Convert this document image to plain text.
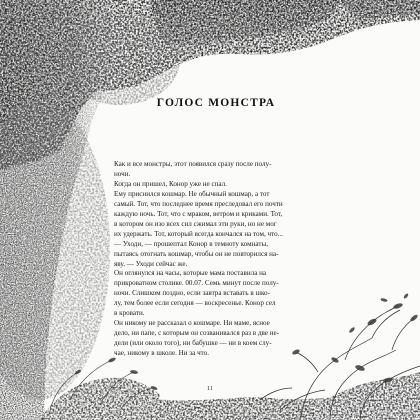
ГОЛОС МОНСТРА

Как и все монстры, этот появился сразу после полу-

ночи.

Когда он пришел, Конор уже не спал.

Ему приснился кошмар. Не обычный кошмар, а тот

самый. Тот, что последнее время преследовал его почти

каждую ночь. Тот, что с мраком, ветром и криками. Тот,

в котором он изо всех сил сжимал эти руки, но не мог

их удержать. Тот, который всегда кончался на том, что...

— Уходи, — прошептал Конор в темноту комнаты,

пытаясь отогнать кошмар, чтобы он не повторился на-

яву. — Уходи сейчас же.

Он оглянулся на часы, которые мама поставила на

прикроватном столике. 00.07. Семь минут после полу-

ночи. Слишком поздно, если завтра вставать в шко-

лу, тем более если сегодня — воскресенье. Конор сел

в кровати.

Он никому не рассказал о кошмаре. Ни маме, ясное

дело, ни папе, с которым он созванивался раз в две не-

дели (или около того), ни бабушке — ни в коем слу-

чае, никому в школе. Ни за что.

11
